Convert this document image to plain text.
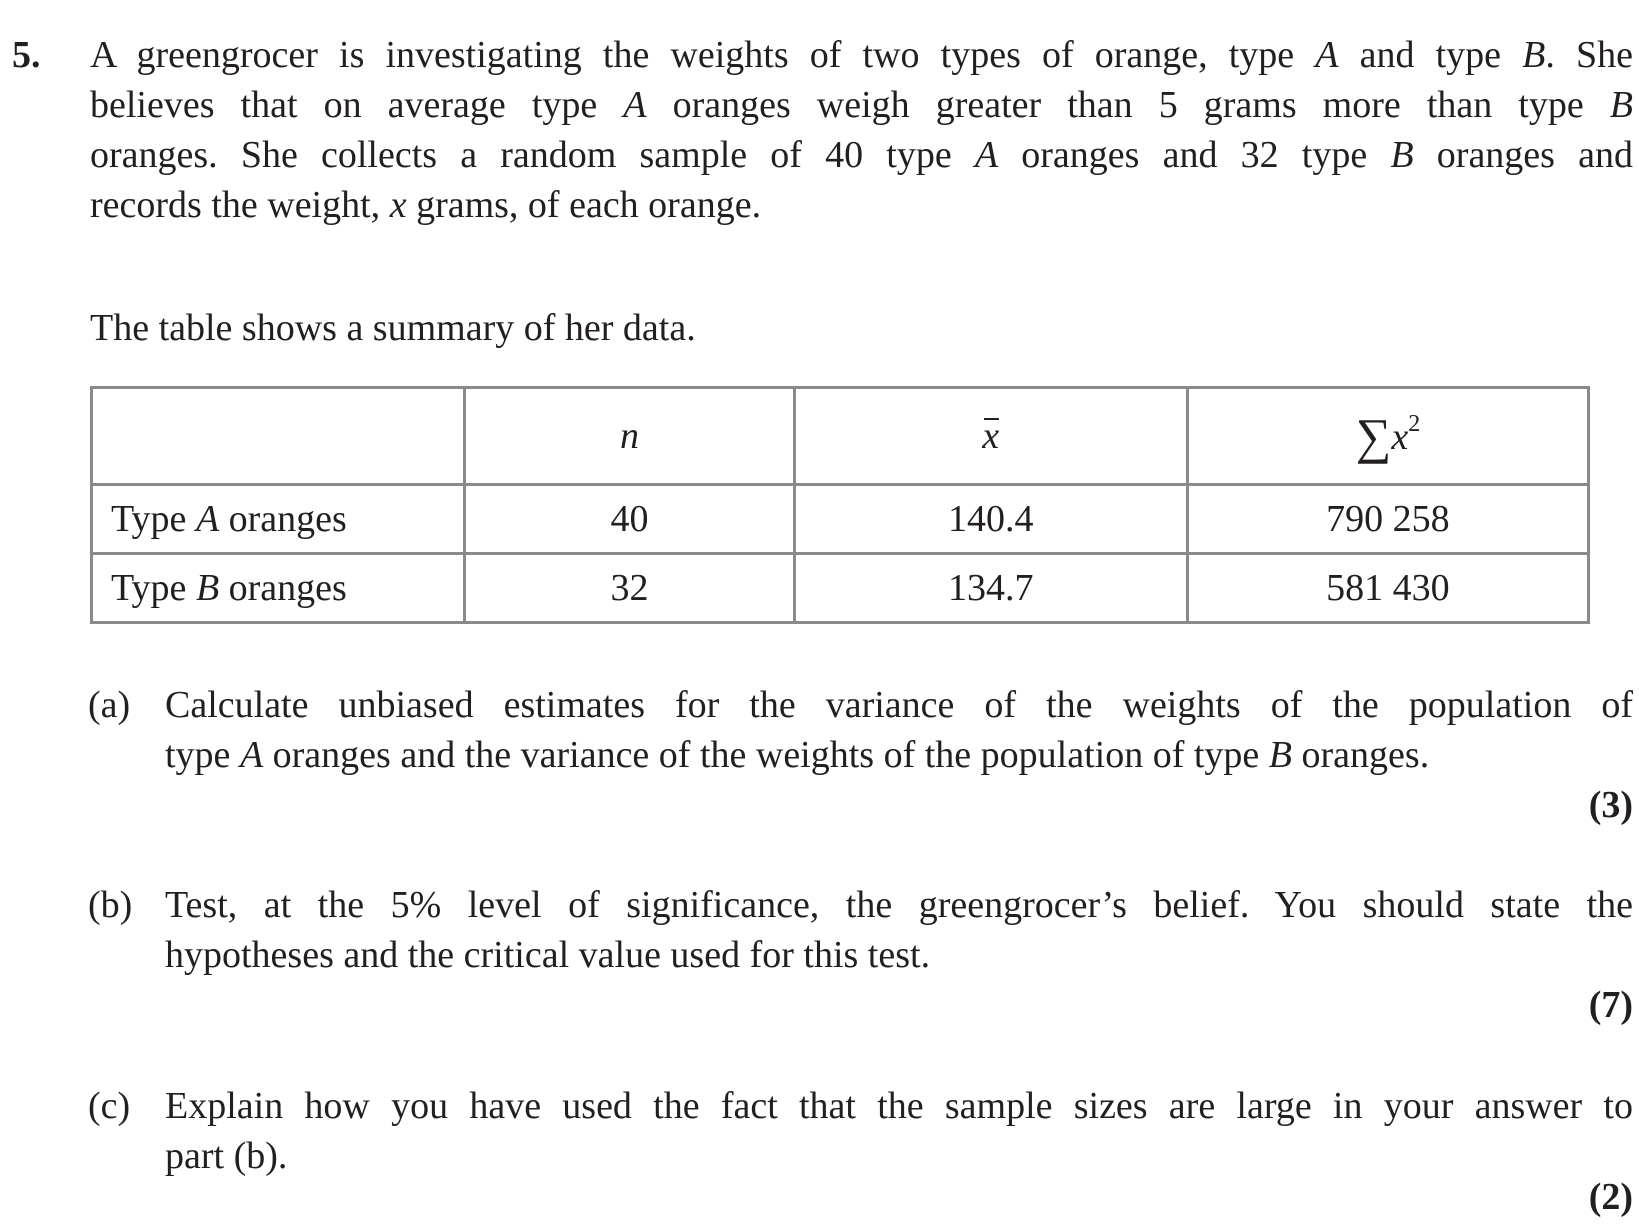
5. A greengrocer is investigating the weights of two types of orange, type A and type B. She
believes that on average type A oranges weigh greater than 5 grams more than type B
oranges. She collects a random sample of 40 type A oranges and 32 type B oranges and
records the weight, x grams, of each orange.
The table shows a summary of her data.
	n	x	$\sum x^2$
Type A oranges	40	140.4	790 258
Type B oranges	32	134.7	581 430
(a) Calculate unbiased estimates for the variance of the weights of the population of
type A oranges and the variance of the weights of the population of type B oranges.
(3)
(b) Test, at the 5% level of significance, the greengrocer’s belief. You should state the
hypotheses and the critical value used for this test.
(7)
(c) Explain how you have used the fact that the sample sizes are large in your answer to
part (b).
(2)
